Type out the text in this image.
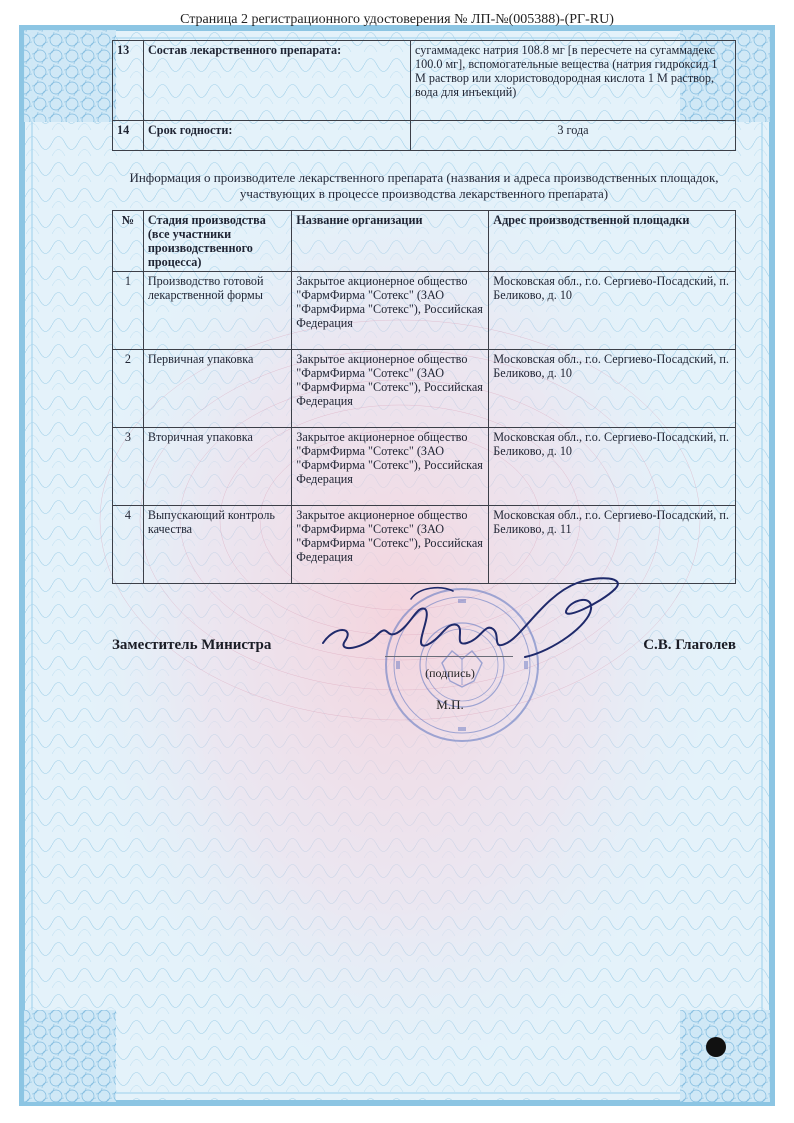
Страница 2 регистрационного удостоверения № ЛП-№(005388)-(РГ-RU)
13	Состав лекарственного препарата:	сугаммадекс натрия 108.8 мг [в пересчете на сугаммадекс 100.0 мг], вспомогательные вещества (натрия гидроксид 1 М раствор или хлористоводородная кислота 1 М раствор, вода для инъекций)
14	Срок годности:	3 года
Информация о производителе лекарственного препарата (названия и адреса производственных площадок, участвующих в процессе производства лекарственного препарата)
№	Стадия производства (все участники производственного процесса)	Название организации	Адрес производственной площадки
1	Производство готовой лекарственной формы	Закрытое акционерное общество "ФармФирма "Сотекс" (ЗАО "ФармФирма "Сотекс"), Российская Федерация	Московская обл., г.о. Сергиево-Посадский, п. Беликово, д. 10
2	Первичная упаковка	Закрытое акционерное общество "ФармФирма "Сотекс" (ЗАО "ФармФирма "Сотекс"), Российская Федерация	Московская обл., г.о. Сергиево-Посадский, п. Беликово, д. 10
3	Вторичная упаковка	Закрытое акционерное общество "ФармФирма "Сотекс" (ЗАО "ФармФирма "Сотекс"), Российская Федерация	Московская обл., г.о. Сергиево-Посадский, п. Беликово, д. 10
4	Выпускающий контроль качества	Закрытое акционерное общество "ФармФирма "Сотекс" (ЗАО "ФармФирма "Сотекс"), Российская Федерация	Московская обл., г.о. Сергиево-Посадский, п. Беликово, д. 11
Заместитель Министра	С.В. Глаголев
(подпись)
М.П.
